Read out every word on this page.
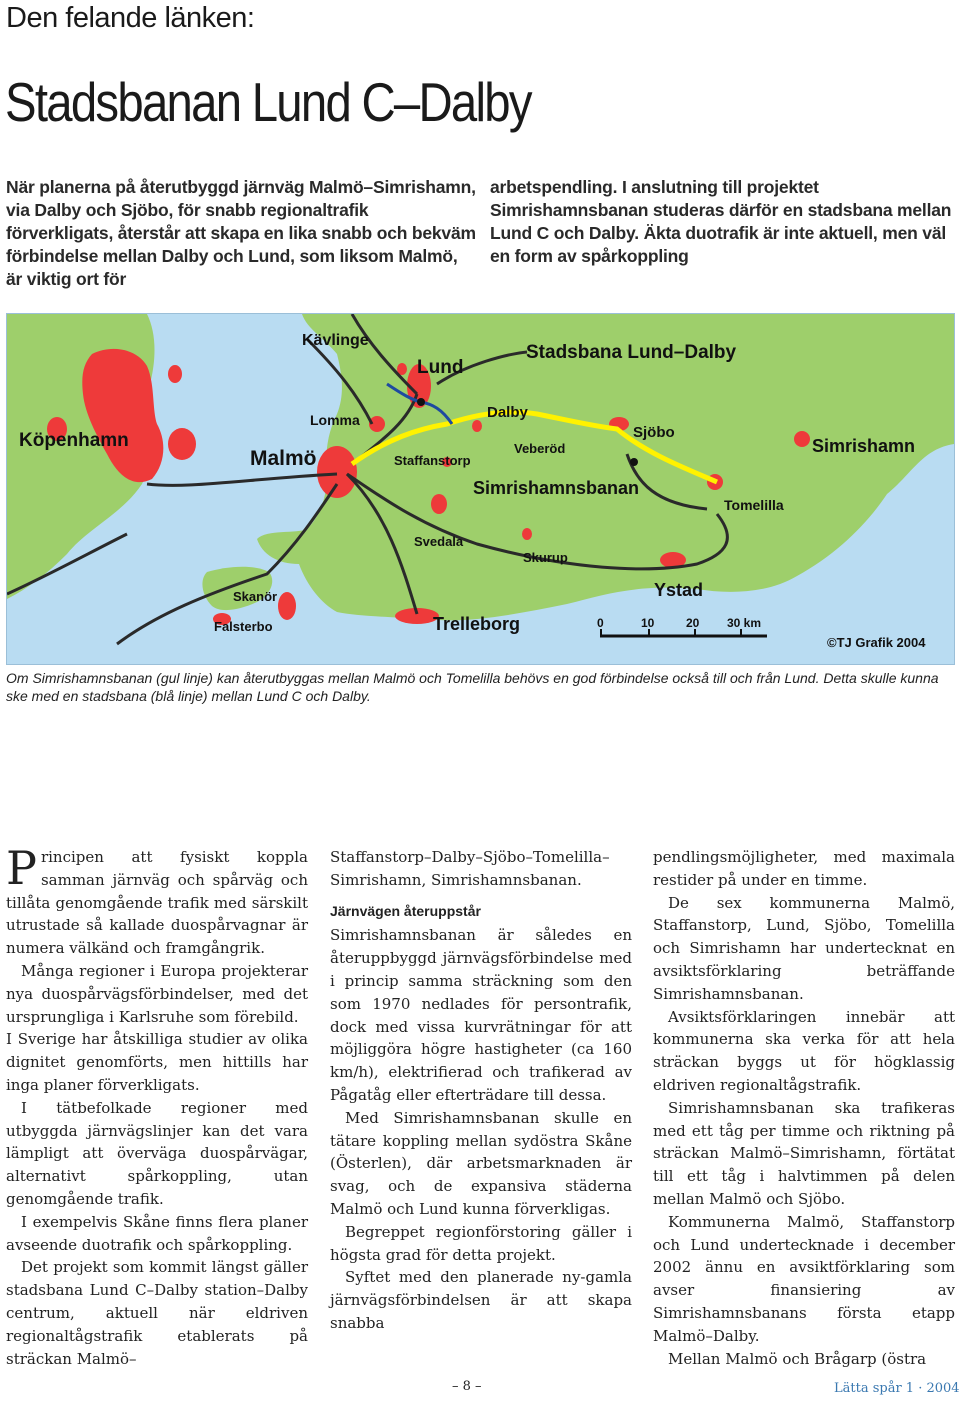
Den felande länken:
Stadsbanan Lund C–Dalby

När planerna på återutbyggd järnväg Malmö–Simrishamn, via Dalby och Sjöbo, för snabb regionaltrafik förverkligats, återstår att skapa en lika snabb och bekväm förbindelse mellan Dalby och Lund, som liksom Malmö, är viktig ort för

arbetspendling. I anslutning till projektet Simrishamnsbanan studeras därför en stadsbana mellan Lund C och Dalby. Äkta duotrafik är inte aktuell, men väl en form av spårkoppling

Kävlinge
Lund
Stadsbana Lund–Dalby
Lomma	Dalby
Sjöbo
Köpenhamn
Malmö	Staffanstorp
Veberöd	Simrishamn
Simrishamnsbanan
Tomelilla
Svedala
Skurup
Ystad
Skanör
Falsterbo	Trelleborg	0	10	20 30 km
©TJ Grafik 2004
Om Simrishamnsbanan (gul linje) kan återutbyggas mellan Malmö och Tomelilla behövs en god förbindelse också till och från Lund. Detta skulle kunna ske med en stadsbana (blå linje) mellan Lund C och Dalby.

Principen att fysiskt koppla samman järnväg och spårväg och tillåta genomgående trafik med särskilt utrustade så kallade duospårvagnar är numera välkänd och framgångrik.

Många regioner i Europa projekterar nya duospårvägsförbindelser, med det ursprungliga i Karlsruhe som förebild.

I Sverige har åtskilliga studier av olika dignitet genomförts, men hittills har inga planer förverkligats.

I tätbefolkade regioner med utbyggda järnvägslinjer kan det vara lämpligt att överväga duospårvägar, alternativt spårkoppling, utan genomgående trafik.

I exempelvis Skåne finns flera planer avseende duotrafik och spårkoppling.

Det projekt som kommit längst gäller stadsbana Lund C–Dalby station–Dalby centrum, aktuell när eldriven regionaltågstrafik etablerats på sträckan Malmö–

Staffanstorp–Dalby–Sjöbo–Tomelilla–Simrishamn, Simrishamnsbanan.

Järnvägen återuppstår

Simrishamnsbanan är således en återuppbyggd järnvägsförbindelse med i princip samma sträckning som den som 1970 nedlades för persontrafik, dock med vissa kurvrätningar för att möjliggöra högre hastigheter (ca 160 km/h), elektrifierad och trafikerad av Pågatåg eller efterträdare till dessa.

Med Simrishamnsbanan skulle en tätare koppling mellan sydöstra Skåne (Österlen), där arbetsmarknaden är svag, och de expansiva städerna Malmö och Lund kunna förverkligas.

Begreppet regionförstoring gäller i högsta grad för detta projekt.

Syftet med den planerade ny-gamla järnvägsförbindelsen är att skapa snabba

pendlingsmöjligheter, med maximala restider på under en timme.

De sex kommunerna Malmö, Staffanstorp, Lund, Sjöbo, Tomelilla och Simrishamn har undertecknat en avsiktsförklaring beträffande Simrishamnsbanan.

Avsiktsförklaringen innebär att kommunerna ska verka för att hela sträckan byggs ut för högklassig eldriven regionaltågstrafik.

Simrishamnsbanan ska trafikeras med ett tåg per timme och riktning på sträckan Malmö–Simrishamn, förtätat till ett tåg i halvtimmen på delen mellan Malmö och Sjöbo.

Kommunerna Malmö, Staffanstorp och Lund undertecknade i december 2002 ännu en avsiktförklaring som avser finansiering av Simrishamnsbanans första etapp Malmö–Dalby.

Mellan Malmö och Brågarp (östra

– 8 –	Lätta spår 1 · 2004
